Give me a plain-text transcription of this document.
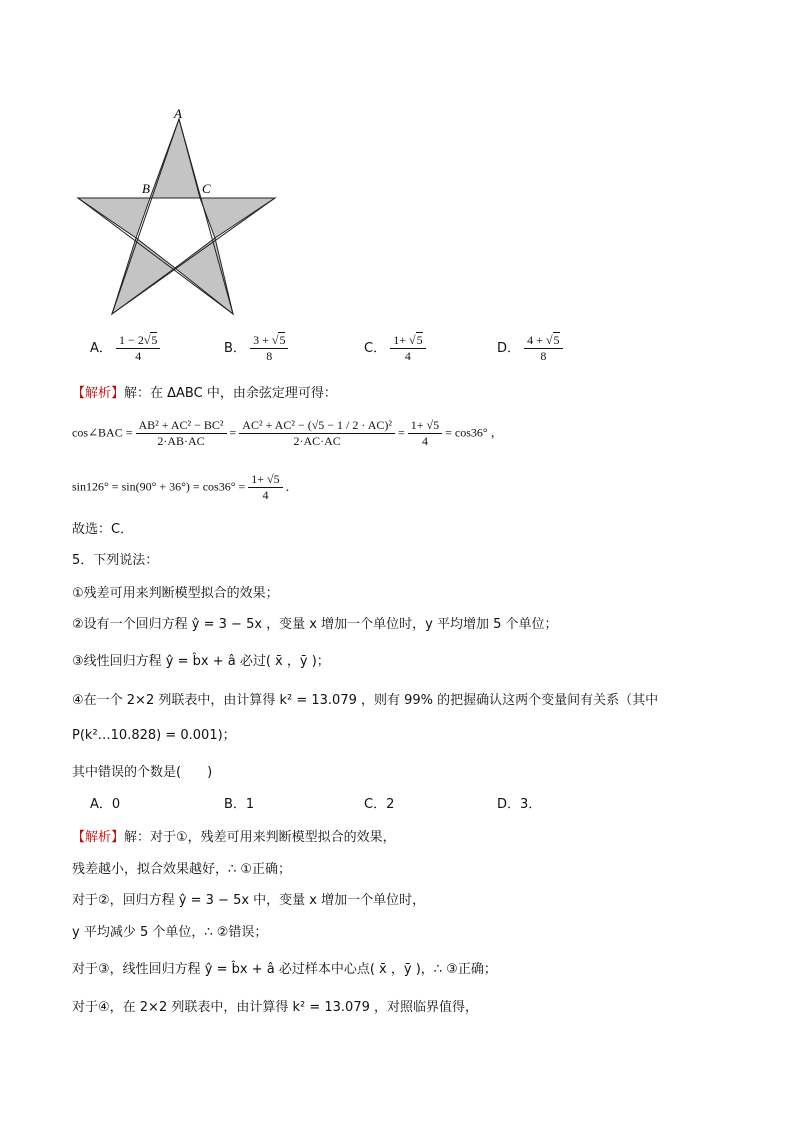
A
B	C
A． $\frac{1 - 2√5}{4}$	B． $\frac{3 + √5}{8}$	C． $\frac{1+ √5}{4}$	D． $\frac{4 + √5}{8}$
【解析】解：在 ΔABC 中，由余弦定理可得：
cos∠BAC = $\frac{\text{AB² + AC² − BC²}}{2\cdot AB\cdot AC} = \frac{\text{AC² + AC² − (√5 − 1 / 2 · AC)²}}{2\cdot AC\cdot AC} = \frac{1+ √5}{4} = \cos 36^\circ$ ，
$\sin 126^\circ = \sin(90^\circ + 36^\circ) = \cos 36^\circ = \frac{1+ √5}{4}$ ．
故选：C．
5．下列说法：
①残差可用来判断模型拟合的效果；
②设有一个回归方程 ŷ = 3 − 5x ，变量 x 增加一个单位时，y 平均增加 5 个单位；
③线性回归方程 ŷ = b̂x + â 必过( x̄ ，ȳ )；
④在一个 2×2 列联表中，由计算得 k² = 13.079 ，则有 99% 的把握确认这两个变量间有关系（其中
P(k²…10.828) = 0.001)；
其中错误的个数是(　　)
A．0	B．1	C．2	D．3．
【解析】解：对于①，残差可用来判断模型拟合的效果，
残差越小，拟合效果越好，∴ ①正确；
对于②，回归方程 ŷ = 3 − 5x 中，变量 x 增加一个单位时，
y 平均减少 5 个单位，∴ ②错误；
对于③，线性回归方程 ŷ = b̂x + â 必过样本中心点( x̄ ，ȳ )，∴ ③正确；
对于④，在 2×2 列联表中，由计算得 k² = 13.079 ，对照临界值得，
